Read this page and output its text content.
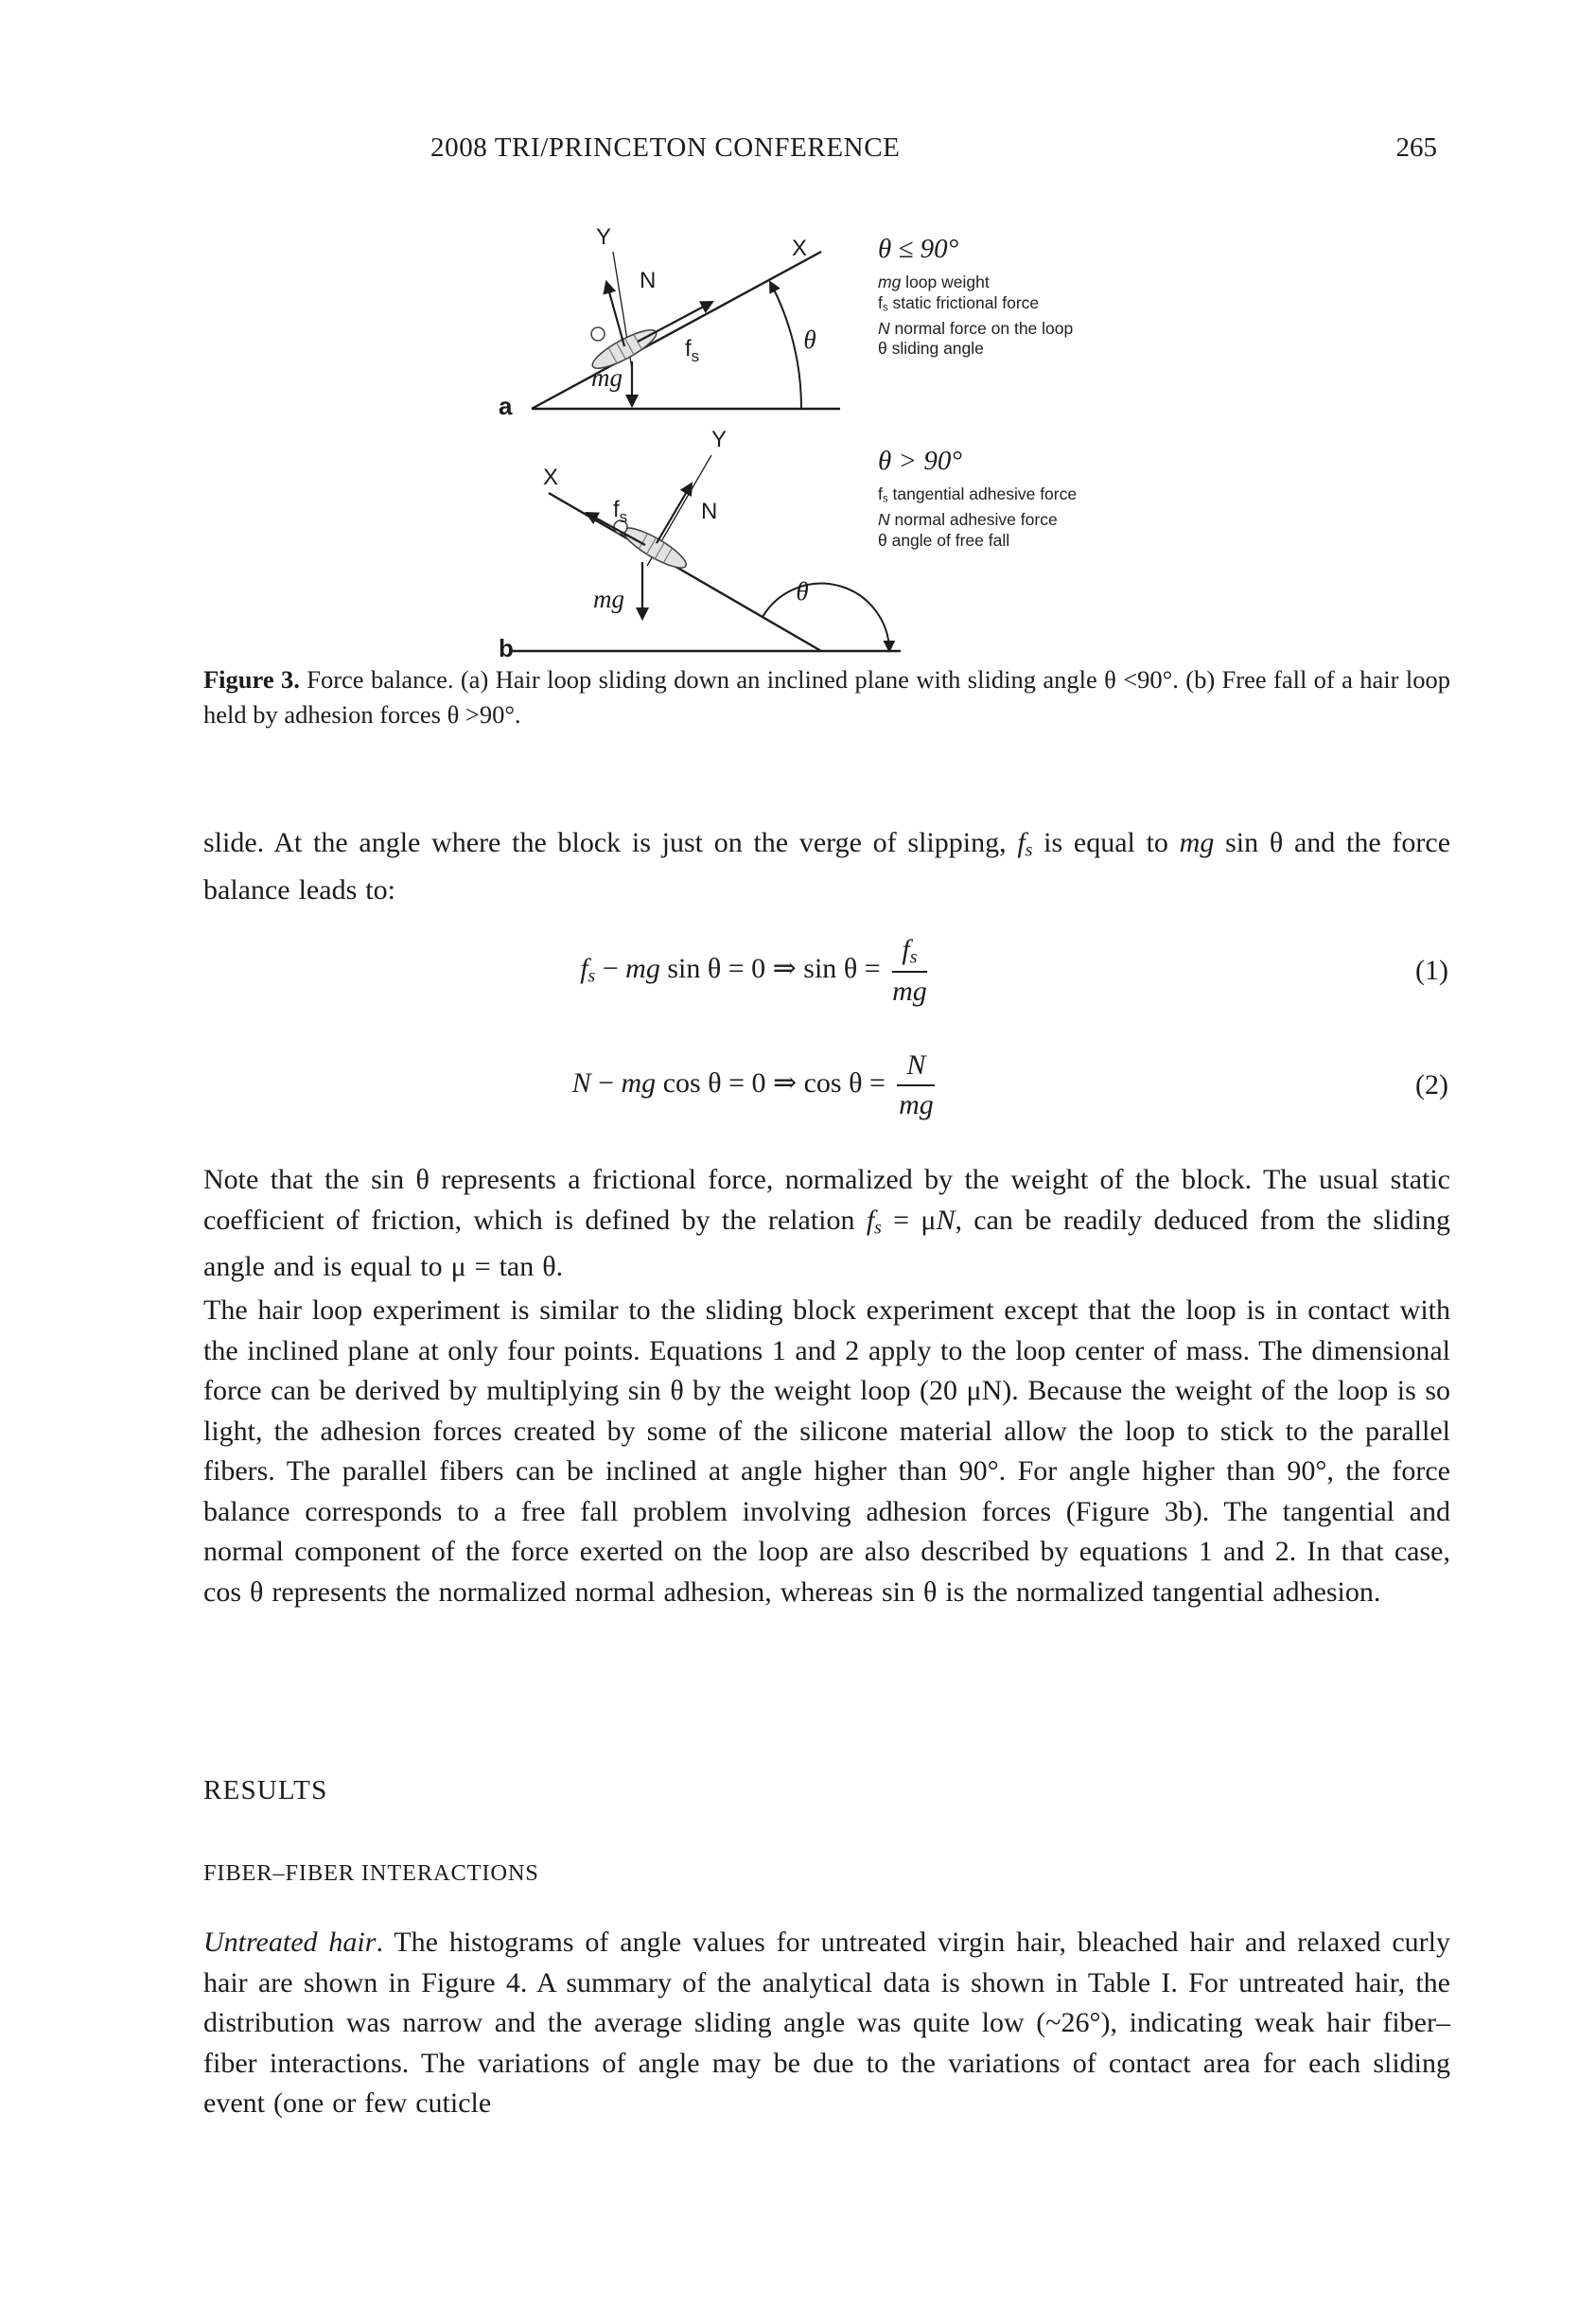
2008 TRI/PRINCETON CONFERENCE	265
Y	X
N
fs
mg
θ
a
Y
X
N
fs
mg	θ
b
θ ≤ 90°
mg loop weight
fs static frictional force
N normal force on the loop
θ sliding angle
θ > 90°
fs tangential adhesive force
N normal adhesive force
θ angle of free fall

Figure 3. Force balance. (a) Hair loop sliding down an inclined plane with sliding angle θ <90°. (b) Free fall of a hair loop held by adhesion forces θ >90°.

slide. At the angle where the block is just on the verge of slipping, fs is equal to mg sin θ and the force balance leads to:

fs − mg sin θ = 0 ⇒ $\sin \theta = \frac{fs}{mg}$	(1)
N − mg cos θ = 0 ⇒ $\cos \theta = \frac{N}{mg}$	(2)

Note that the sin θ represents a frictional force, normalized by the weight of the block. The usual static coefficient of friction, which is defined by the relation fs = μN, can be readily deduced from the sliding angle and is equal to μ = tan θ.

The hair loop experiment is similar to the sliding block experiment except that the loop is in contact with the inclined plane at only four points. Equations 1 and 2 apply to the loop center of mass. The dimensional force can be derived by multiplying sin θ by the weight loop (20 μN). Because the weight of the loop is so light, the adhesion forces created by some of the silicone material allow the loop to stick to the parallel fibers. The parallel fibers can be inclined at angle higher than 90°. For angle higher than 90°, the force balance corresponds to a free fall problem involving adhesion forces (Figure 3b). The tangential and normal component of the force exerted on the loop are also described by equations 1 and 2. In that case, cos θ represents the normalized normal adhesion, whereas sin θ is the normalized tangential adhesion.

RESULTS
FIBER–FIBER INTERACTIONS

Untreated hair. The histograms of angle values for untreated virgin hair, bleached hair and relaxed curly hair are shown in Figure 4. A summary of the analytical data is shown in Table I. For untreated hair, the distribution was narrow and the average sliding angle was quite low (~26°), indicating weak hair fiber–fiber interactions. The variations of angle may be due to the variations of contact area for each sliding event (one or few cuticle
